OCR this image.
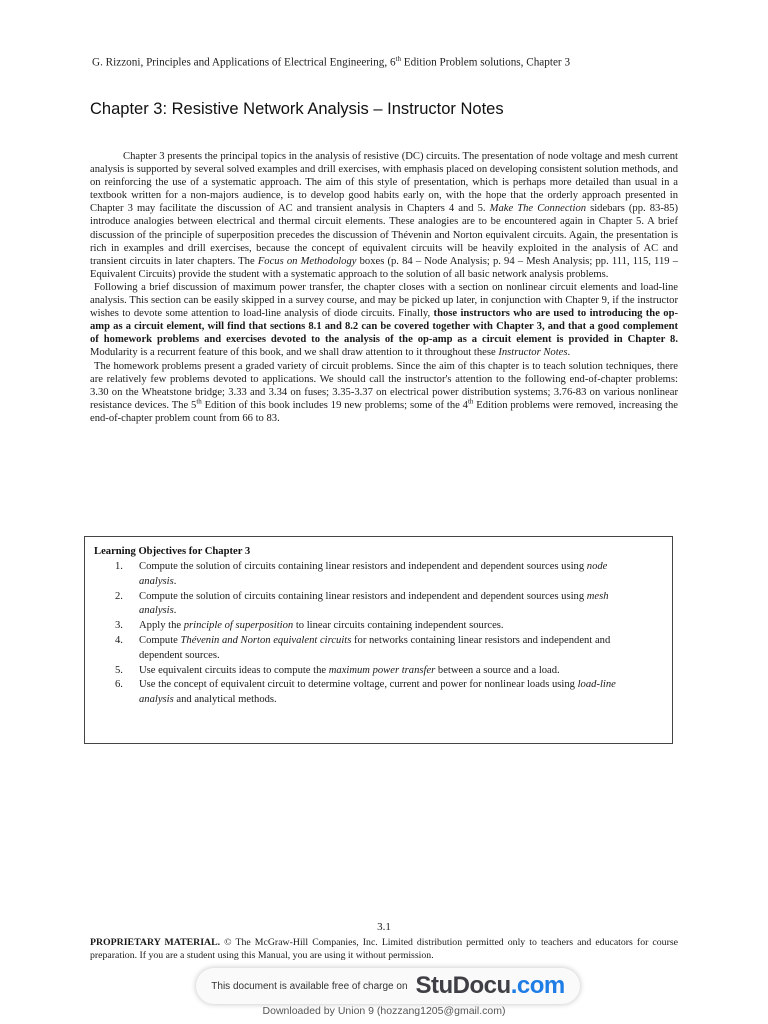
G. Rizzoni, Principles and Applications of Electrical Engineering, 6th Edition Problem solutions, Chapter 3
Chapter 3: Resistive Network Analysis – Instructor Notes

Chapter 3 presents the principal topics in the analysis of resistive (DC) circuits. The presentation of node voltage and mesh current analysis is supported by several solved examples and drill exercises, with emphasis placed on developing consistent solution methods, and on reinforcing the use of a systematic approach. The aim of this style of presentation, which is perhaps more detailed than usual in a textbook written for a non-majors audience, is to develop good habits early on, with the hope that the orderly approach presented in Chapter 3 may facilitate the discussion of AC and transient analysis in Chapters 4 and 5. Make The Connection sidebars (pp. 83-85) introduce analogies between electrical and thermal circuit elements. These analogies are to be encountered again in Chapter 5. A brief discussion of the principle of superposition precedes the discussion of Thévenin and Norton equivalent circuits. Again, the presentation is rich in examples and drill exercises, because the concept of equivalent circuits will be heavily exploited in the analysis of AC and transient circuits in later chapters. The Focus on Methodology boxes (p. 84 – Node Analysis; p. 94 – Mesh Analysis; pp. 111, 115, 119 – Equivalent Circuits) provide the student with a systematic approach to the solution of all basic network analysis problems.

Following a brief discussion of maximum power transfer, the chapter closes with a section on nonlinear circuit elements and load-line analysis. This section can be easily skipped in a survey course, and may be picked up later, in conjunction with Chapter 9, if the instructor wishes to devote some attention to load-line analysis of diode circuits. Finally, those instructors who are used to introducing the op-amp as a circuit element, will find that sections 8.1 and 8.2 can be covered together with Chapter 3, and that a good complement of homework problems and exercises devoted to the analysis of the op-amp as a circuit element is provided in Chapter 8. Modularity is a recurrent feature of this book, and we shall draw attention to it throughout these Instructor Notes.

The homework problems present a graded variety of circuit problems. Since the aim of this chapter is to teach solution techniques, there are relatively few problems devoted to applications. We should call the instructor's attention to the following end-of-chapter problems: 3.30 on the Wheatstone bridge; 3.33 and 3.34 on fuses; 3.35-3.37 on electrical power distribution systems; 3.76-83 on various nonlinear resistance devices. The 5th Edition of this book includes 19 new problems; some of the 4th Edition problems were removed, increasing the end-of-chapter problem count from 66 to 83.

Learning Objectives for Chapter 3
1.	Compute the solution of circuits containing linear resistors and independent and dependent sources using node analysis.
2.	Compute the solution of circuits containing linear resistors and independent and dependent sources using mesh analysis.
3.	Apply the principle of superposition to linear circuits containing independent sources.
4.	Compute Thévenin and Norton equivalent circuits for networks containing linear resistors and independent and dependent sources.
5.	Use equivalent circuits ideas to compute the maximum power transfer between a source and a load.
6.	Use the concept of equivalent circuit to determine voltage, current and power for nonlinear loads using load-line analysis and analytical methods.
3.1
PROPRIETARY MATERIAL. © The McGraw-Hill Companies, Inc. Limited distribution permitted only to teachers and educators for course preparation. If you are a student using this Manual, you are using it without permission.
This document is available free of charge on StuDocu.com
Downloaded by Union 9 (hozzang1205@gmail.com)
